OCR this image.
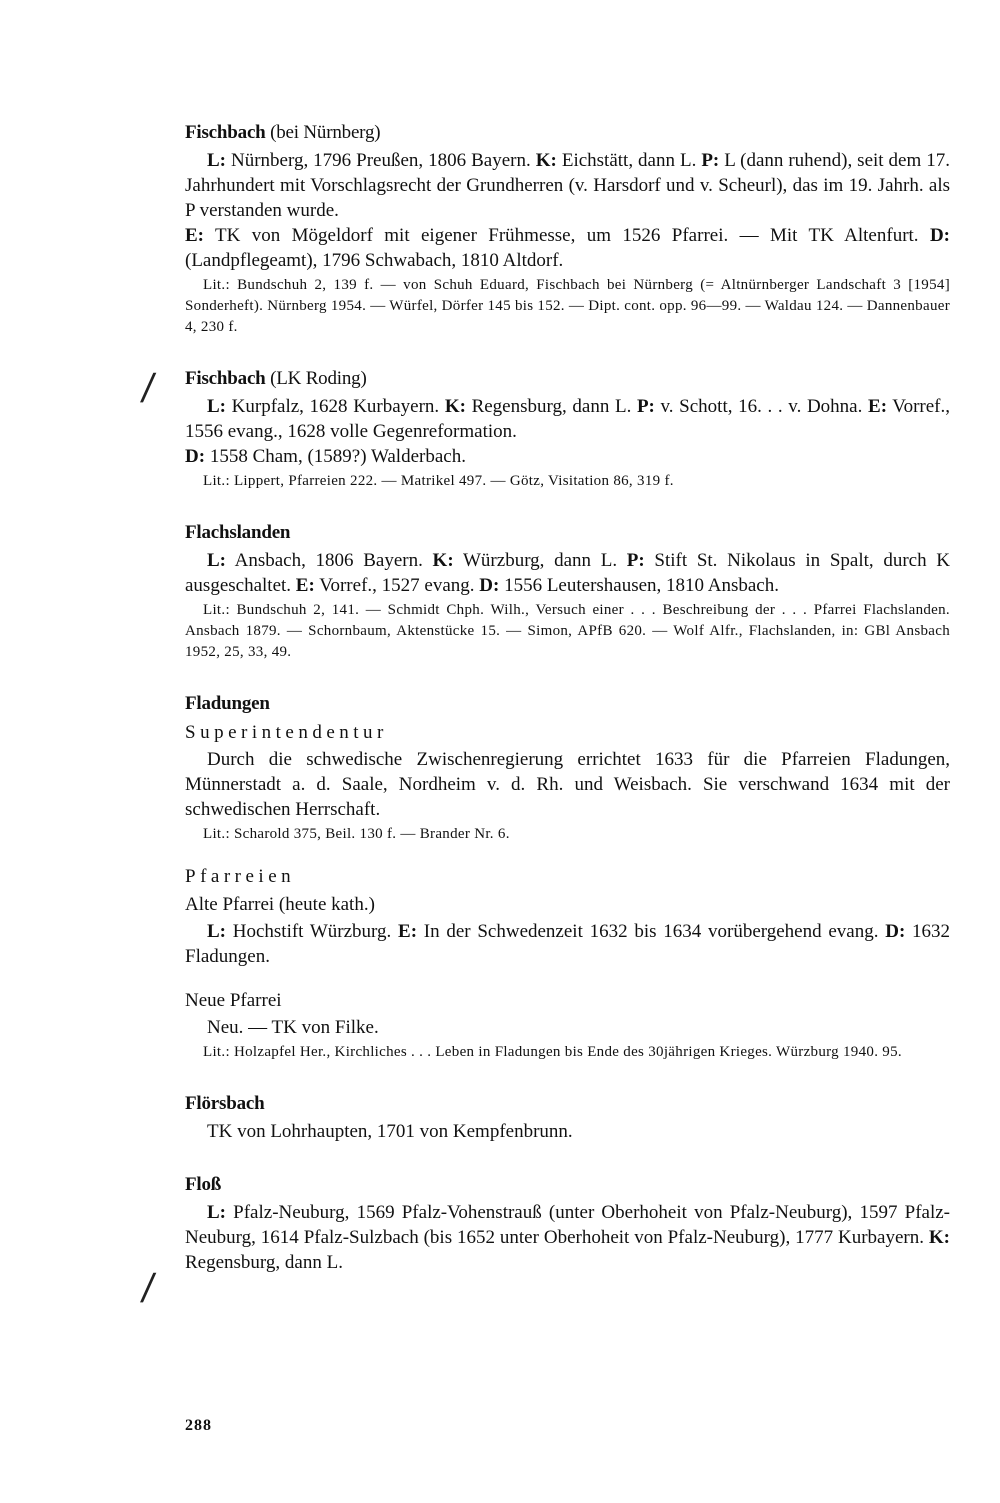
/
/

Fischbach (bei Nürnberg)

L: Nürnberg, 1796 Preußen, 1806 Bayern. K: Eichstätt, dann L. P: L (dann ruhend), seit dem 17. Jahrhundert mit Vorschlagsrecht der Grundherren (v. Harsdorf und v. Scheurl), das im 19. Jahrh. als P verstanden wurde.

E: TK von Mögeldorf mit eigener Frühmesse, um 1526 Pfarrei. — Mit TK Altenfurt. D: (Landpflegeamt), 1796 Schwabach, 1810 Altdorf.

Lit.: Bundschuh 2, 139 f. — von Schuh Eduard, Fischbach bei Nürnberg (= Altnürnberger Landschaft 3 [1954] Sonderheft). Nürnberg 1954. — Würfel, Dörfer 145 bis 152. — Dipt. cont. opp. 96—99. — Waldau 124. — Dannenbauer 4, 230 f.

Fischbach (LK Roding)

L: Kurpfalz, 1628 Kurbayern. K: Regensburg, dann L. P: v. Schott, 16. . . v. Dohna. E: Vorref., 1556 evang., 1628 volle Gegenreformation.

D: 1558 Cham, (1589?) Walderbach.

Lit.: Lippert, Pfarreien 222. — Matrikel 497. — Götz, Visitation 86, 319 f.

Flachslanden

L: Ansbach, 1806 Bayern. K: Würzburg, dann L. P: Stift St. Nikolaus in Spalt, durch K ausgeschaltet. E: Vorref., 1527 evang. D: 1556 Leutershausen, 1810 Ansbach.

Lit.: Bundschuh 2, 141. — Schmidt Chph. Wilh., Versuch einer . . . Beschreibung der . . . Pfarrei Flachslanden. Ansbach 1879. — Schornbaum, Aktenstücke 15. — Simon, APfB 620. — Wolf Alfr., Flachslanden, in: GBl Ansbach 1952, 25, 33, 49.

Fladungen

Superintendentur

Durch die schwedische Zwischenregierung errichtet 1633 für die Pfarreien Fladungen, Münnerstadt a. d. Saale, Nordheim v. d. Rh. und Weisbach. Sie verschwand 1634 mit der schwedischen Herrschaft.

Lit.: Scharold 375, Beil. 130 f. — Brander Nr. 6.

Pfarreien

Alte Pfarrei (heute kath.)

L: Hochstift Würzburg. E: In der Schwedenzeit 1632 bis 1634 vorübergehend evang. D: 1632 Fladungen.

Neue Pfarrei

Neu. — TK von Filke.

Lit.: Holzapfel Her., Kirchliches . . . Leben in Fladungen bis Ende des 30jährigen Krieges. Würzburg 1940. 95.

Flörsbach

TK von Lohrhaupten, 1701 von Kempfenbrunn.

Floß

L: Pfalz-Neuburg, 1569 Pfalz-Vohenstrauß (unter Oberhoheit von Pfalz-Neuburg), 1597 Pfalz-Neuburg, 1614 Pfalz-Sulzbach (bis 1652 unter Oberhoheit von Pfalz-Neuburg), 1777 Kurbayern. K: Regensburg, dann L.

288
